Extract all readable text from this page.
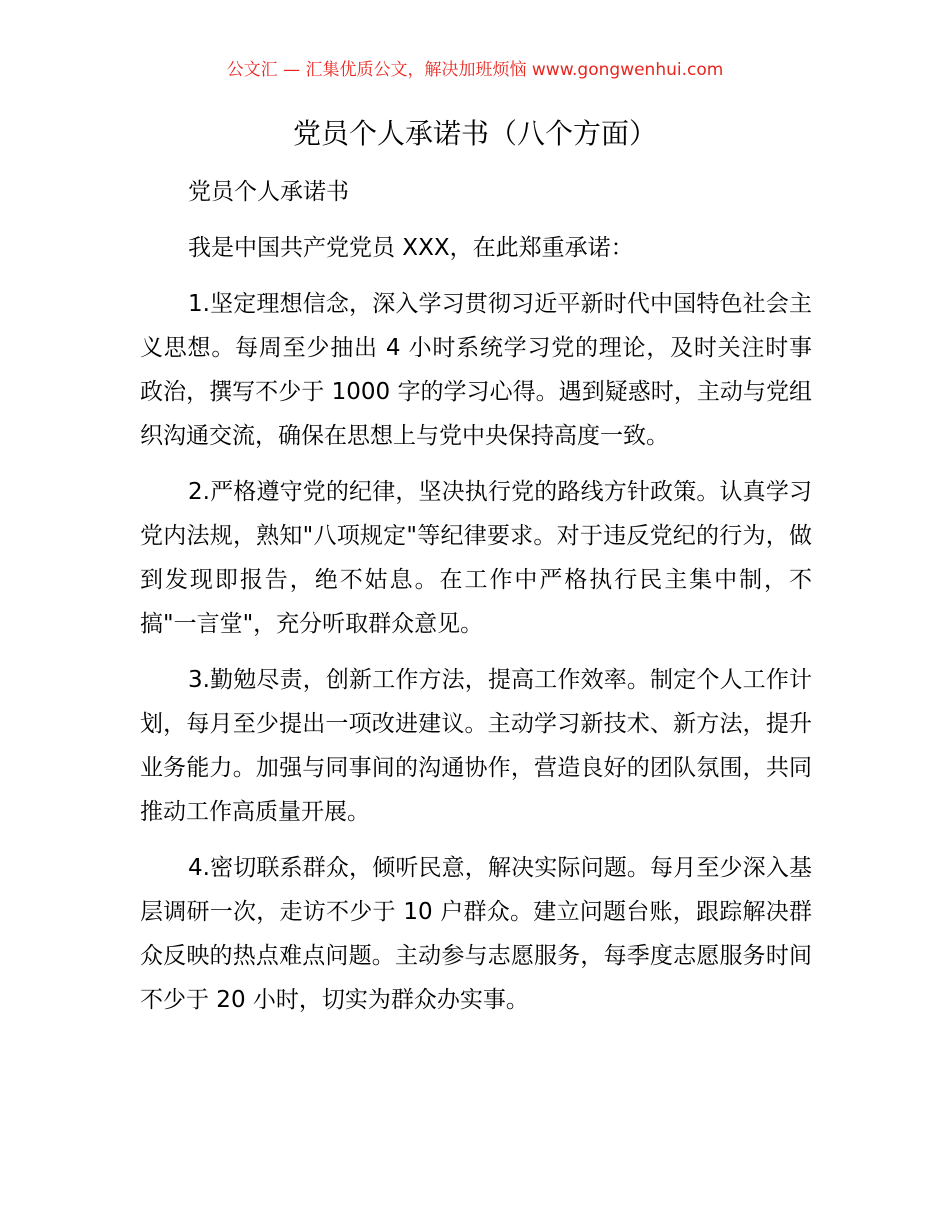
公文汇 — 汇集优质公文，解决加班烦恼 www.gongwenhui.com
党员个人承诺书（八个方面）

党员个人承诺书

我是中国共产党党员 XXX，在此郑重承诺：

1.坚定理想信念，深入学习贯彻习近平新时代中国特色社会主义思想。每周至少抽出 4 小时系统学习党的理论，及时关注时事政治，撰写不少于 1000 字的学习心得。遇到疑惑时，主动与党组织沟通交流，确保在思想上与党中央保持高度一致。

2.严格遵守党的纪律，坚决执行党的路线方针政策。认真学习党内法规，熟知"八项规定"等纪律要求。对于违反党纪的行为，做到发现即报告，绝不姑息。在工作中严格执行民主集中制，不搞"一言堂"，充分听取群众意见。

3.勤勉尽责，创新工作方法，提高工作效率。制定个人工作计划，每月至少提出一项改进建议。主动学习新技术、新方法，提升业务能力。加强与同事间的沟通协作，营造良好的团队氛围，共同推动工作高质量开展。

4.密切联系群众，倾听民意，解决实际问题。每月至少深入基层调研一次，走访不少于 10 户群众。建立问题台账，跟踪解决群众反映的热点难点问题。主动参与志愿服务，每季度志愿服务时间不少于 20 小时，切实为群众办实事。
